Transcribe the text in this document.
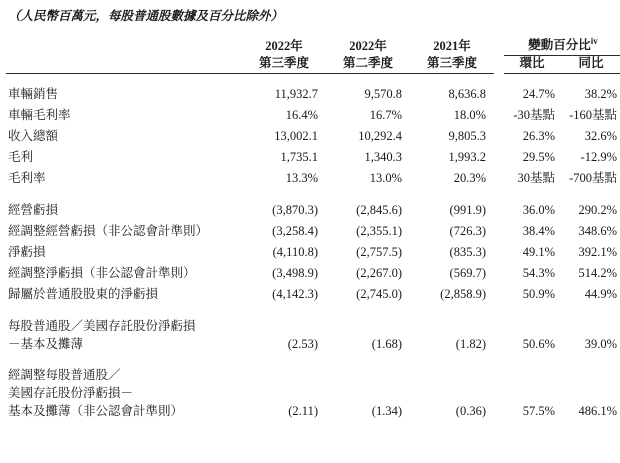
（人民幣百萬元，每股普通股數據及百分比除外）
	2022年	2022年	2021年		變動百分比$^{iv}$
	第三季度	第二季度	第三季度		環比	同比

車輛銷售	11,932.7	9,570.8	8,636.8		24.7%	38.2%
車輛毛利率	16.4%	16.7%	18.0%		-30基點	-160基點
收入總額	13,002.1	10,292.4	9,805.3		26.3%	32.6%
毛利	1,735.1	1,340.3	1,993.2		29.5%	-12.9%
毛利率	13.3%	13.0%	20.3%		30基點	-700基點

經營虧損	(3,870.3)	(2,845.6)	(991.9)		36.0%	290.2%
經調整經營虧損（非公認會計準則）	(3,258.4)	(2,355.1)	(726.3)		38.4%	348.6%
淨虧損	(4,110.8)	(2,757.5)	(835.3)		49.1%	392.1%
經調整淨虧損（非公認會計準則）	(3,498.9)	(2,267.0)	(569.7)		54.3%	514.2%
歸屬於普通股股東的淨虧損	(4,142.3)	(2,745.0)	(2,858.9)		50.9%	44.9%

每股普通股／美國存託股份淨虧損
－基本及攤薄	(2.53)	(1.68)	(1.82)		50.6%	39.0%

經調整每股普通股／
美國存託股份淨虧損－
基本及攤薄（非公認會計準則）	(2.11)	(1.34)	(0.36)		57.5%	486.1%
